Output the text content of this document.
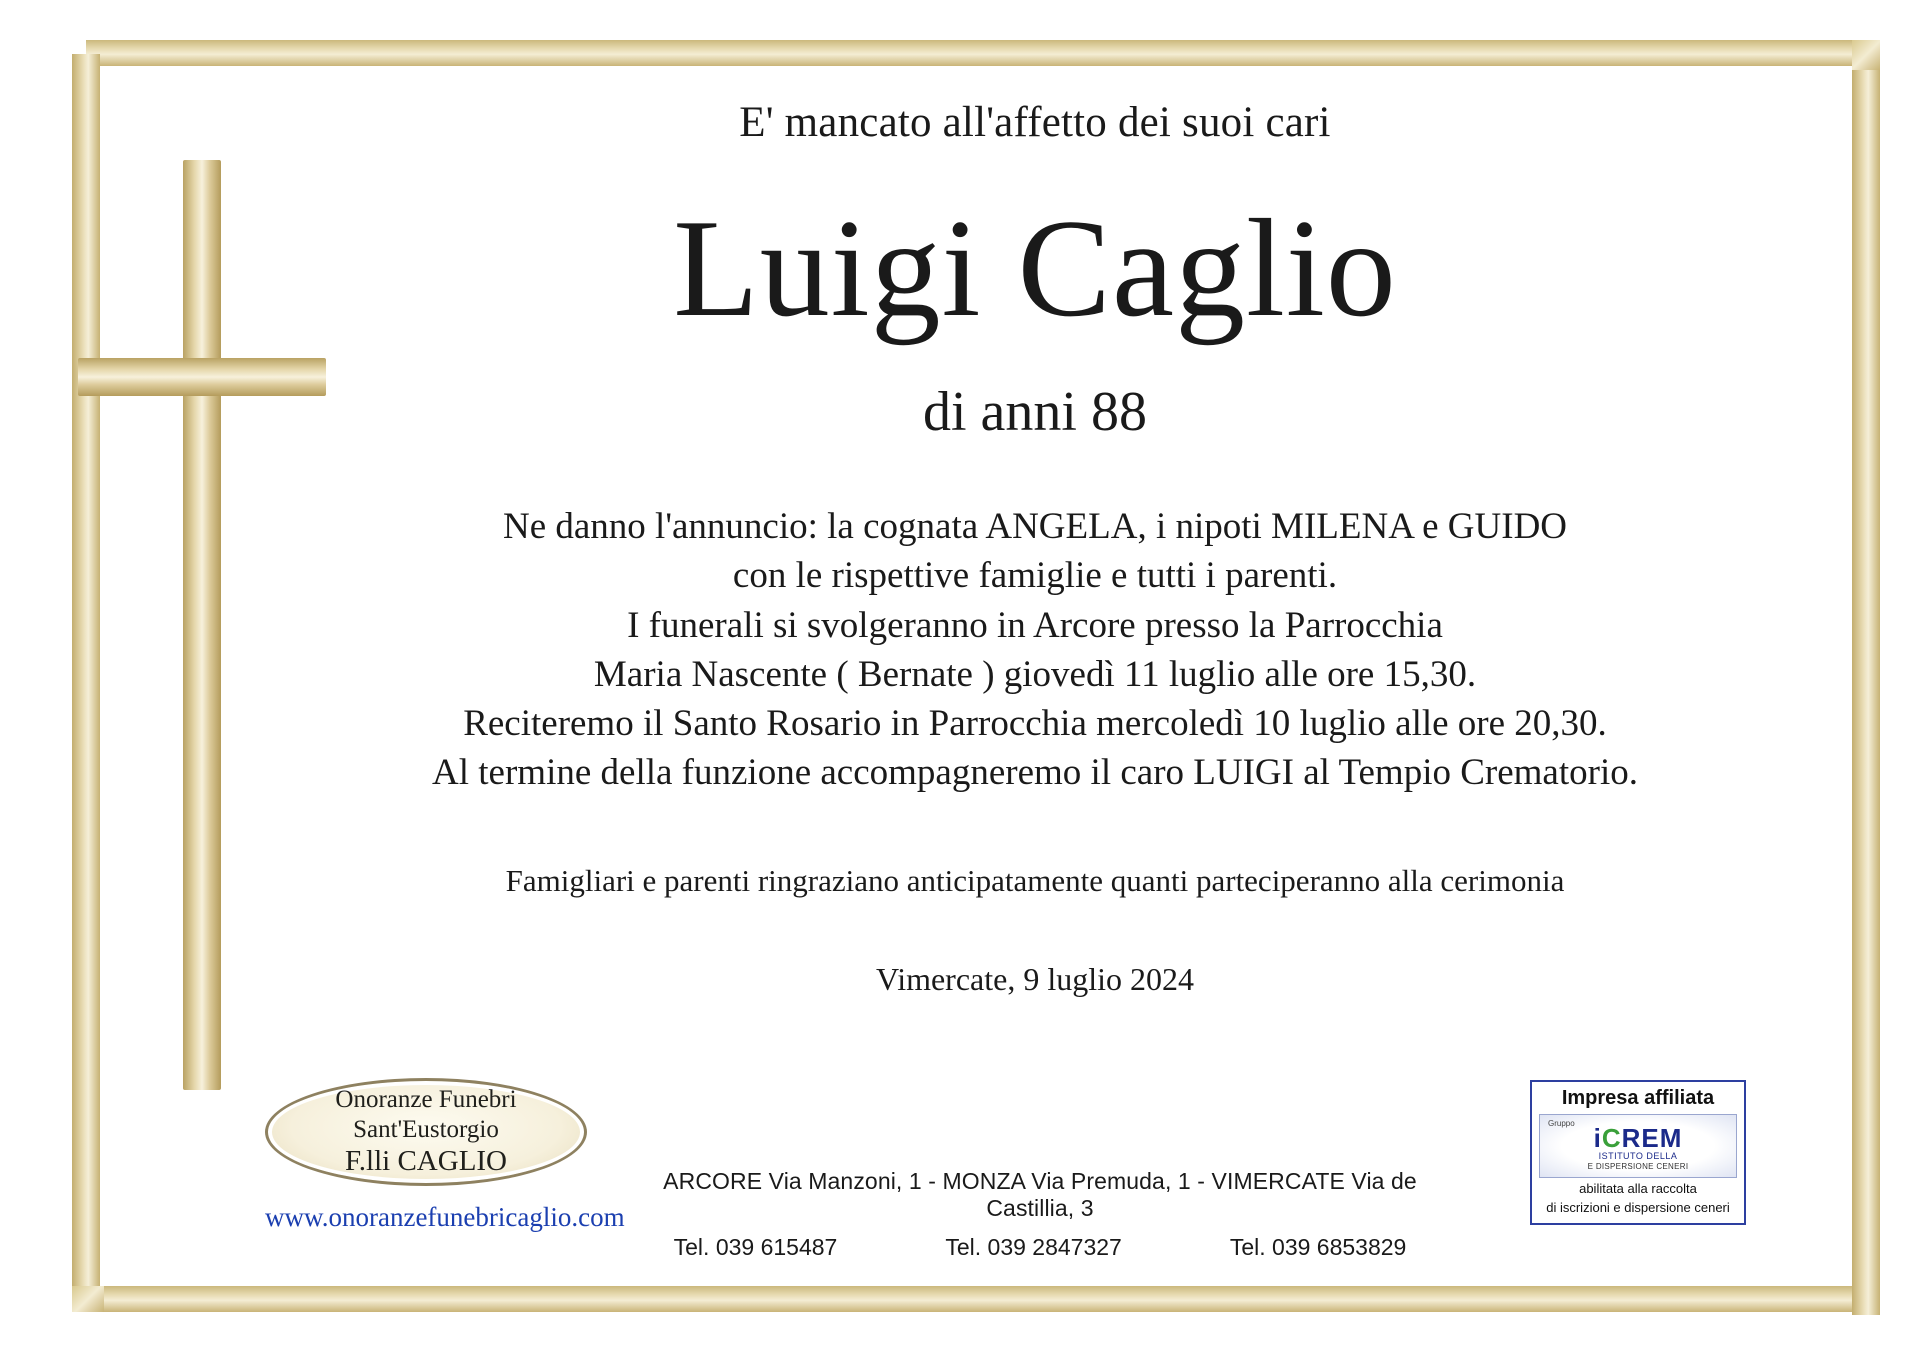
E' mancato all'affetto dei suoi cari
Luigi Caglio
di anni 88
Ne danno l'annuncio: la cognata ANGELA, i nipoti MILENA e GUIDO
con le rispettive famiglie e tutti i parenti.
I funerali si svolgeranno in Arcore presso la Parrocchia
Maria Nascente ( Bernate ) giovedì 11 luglio alle ore 15,30.
Reciteremo il Santo Rosario in Parrocchia mercoledì 10 luglio alle ore 20,30.
Al termine della funzione accompagneremo il caro LUIGI al Tempio Crematorio.
Famigliari e parenti ringraziano anticipatamente quanti parteciperanno alla cerimonia
Vimercate, 9 luglio 2024
Onoranze Funebri
Sant'Eustorgio
F.lli CAGLIO
www.onoranzefunebricaglio.com
ARCORE Via Manzoni, 1 - MONZA Via Premuda, 1 - VIMERCATE Via de Castillia, 3
Tel. 039 615487	Tel. 039 2847327	Tel. 039 6853829
Impresa affiliata
Gruppo iCREM
ISTITUTO DELLA
E DISPERSIONE CENERI
abilitata alla raccolta
di iscrizioni e dispersione ceneri
